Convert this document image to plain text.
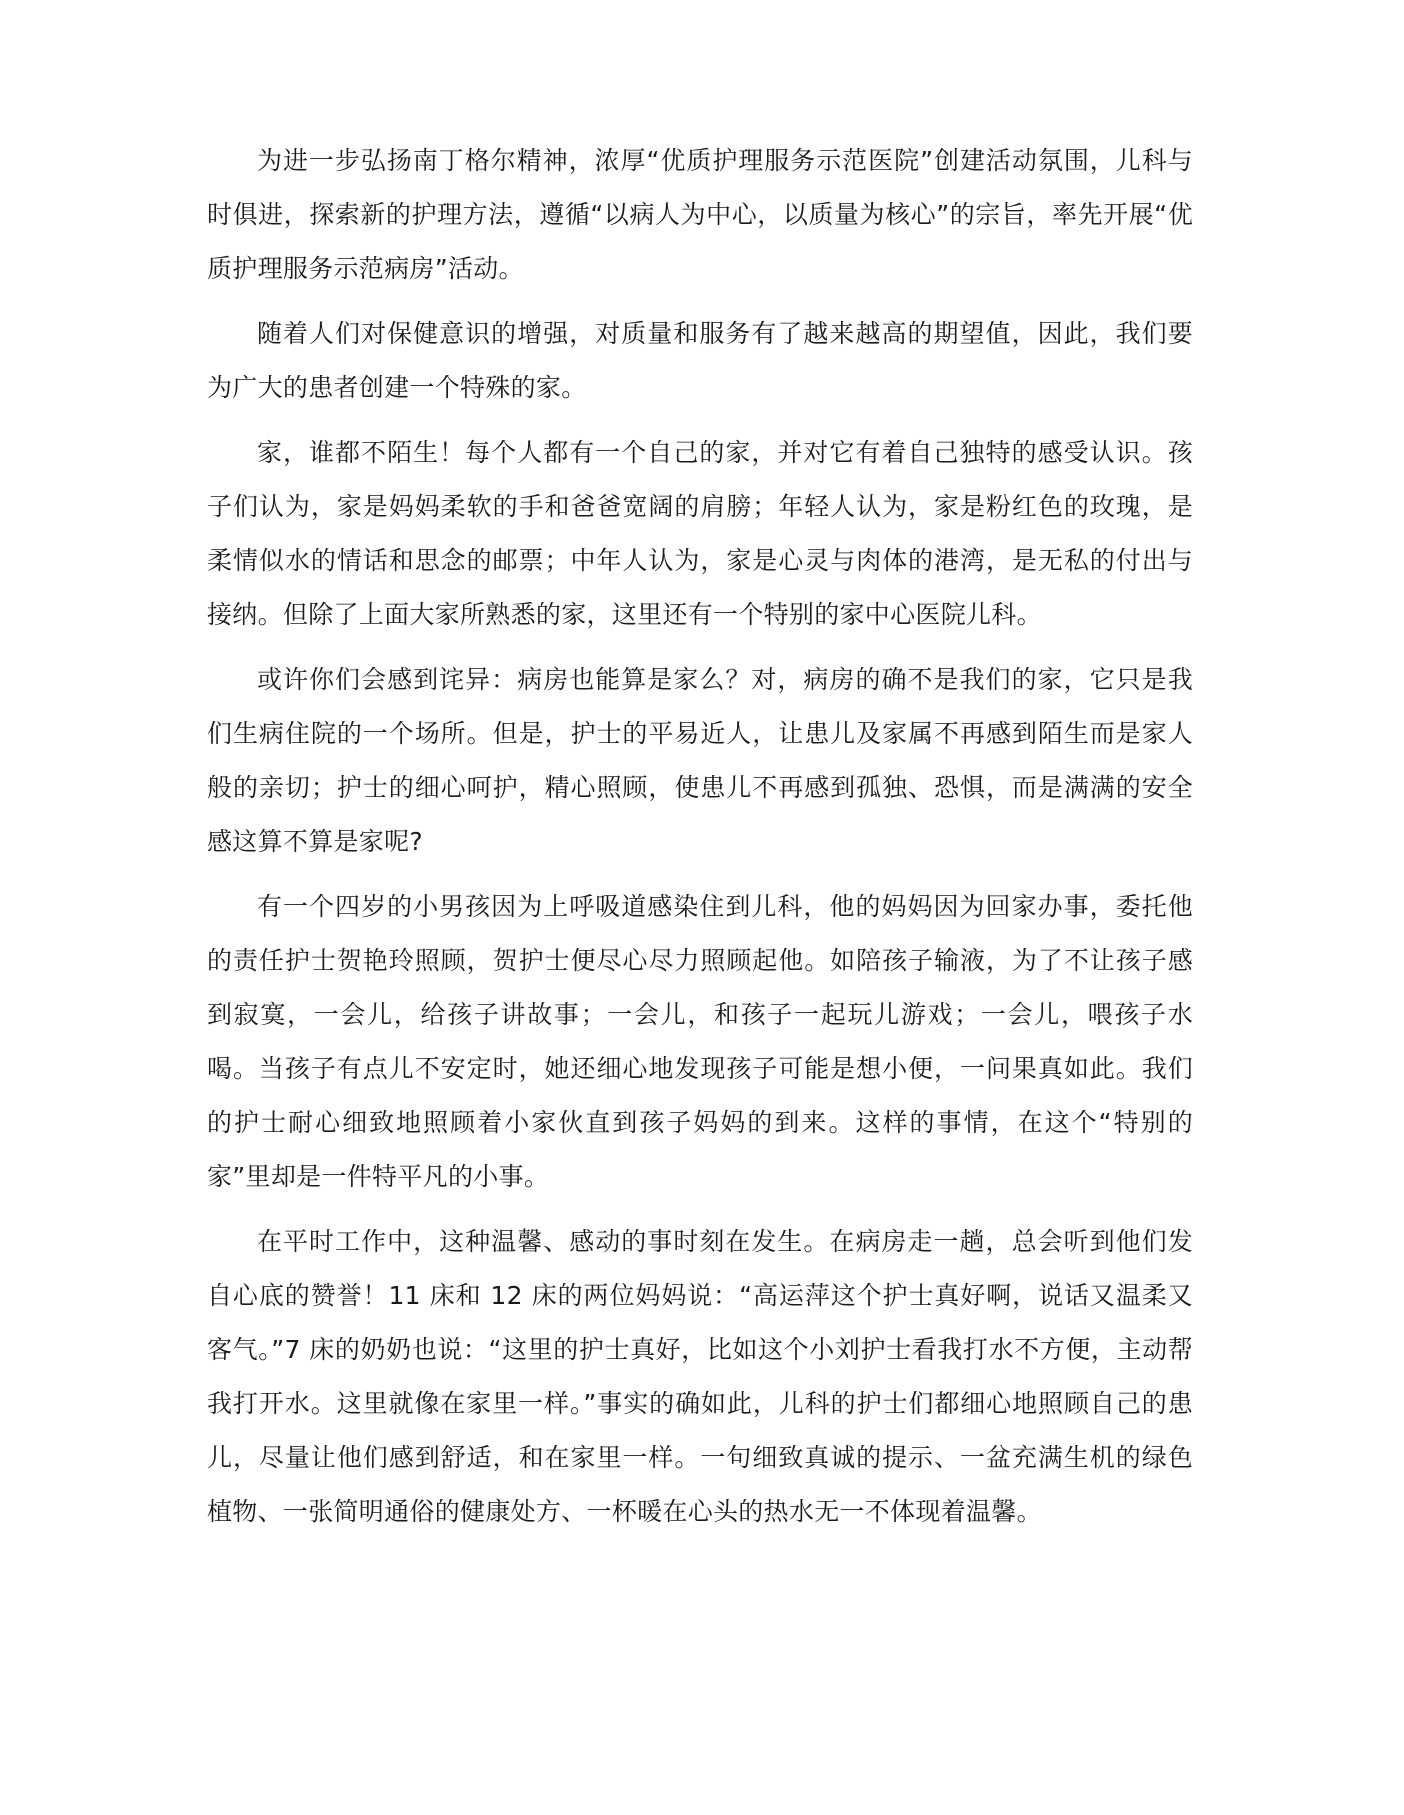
为进一步弘扬南丁格尔精神，浓厚“优质护理服务示范医院”创建活动氛围，儿科与时俱进，探索新的护理方法，遵循“以病人为中心，以质量为核心”的宗旨，率先开展“优质护理服务示范病房”活动。

随着人们对保健意识的增强，对质量和服务有了越来越高的期望值，因此，我们要为广大的患者创建一个特殊的家。

家，谁都不陌生！每个人都有一个自己的家，并对它有着自己独特的感受认识。孩子们认为，家是妈妈柔软的手和爸爸宽阔的肩膀；年轻人认为，家是粉红色的玫瑰，是柔情似水的情话和思念的邮票；中年人认为，家是心灵与肉体的港湾，是无私的付出与接纳。但除了上面大家所熟悉的家，这里还有一个特别的家中心医院儿科。

或许你们会感到诧异：病房也能算是家么？对，病房的确不是我们的家，它只是我们生病住院的一个场所。但是，护士的平易近人，让患儿及家属不再感到陌生而是家人般的亲切；护士的细心呵护，精心照顾，使患儿不再感到孤独、恐惧，而是满满的安全感这算不算是家呢?

有一个四岁的小男孩因为上呼吸道感染住到儿科，他的妈妈因为回家办事，委托他的责任护士贺艳玲照顾，贺护士便尽心尽力照顾起他。如陪孩子输液，为了不让孩子感到寂寞，一会儿，给孩子讲故事；一会儿，和孩子一起玩儿游戏；一会儿，喂孩子水喝。当孩子有点儿不安定时，她还细心地发现孩子可能是想小便，一问果真如此。我们的护士耐心细致地照顾着小家伙直到孩子妈妈的到来。这样的事情，在这个“特别的家”里却是一件特平凡的小事。

在平时工作中，这种温馨、感动的事时刻在发生。在病房走一趟，总会听到他们发自心底的赞誉！11 床和 12 床的两位妈妈说：“高运萍这个护士真好啊，说话又温柔又客气。”7 床的奶奶也说：“这里的护士真好，比如这个小刘护士看我打水不方便，主动帮我打开水。这里就像在家里一样。”事实的确如此，儿科的护士们都细心地照顾自己的患儿，尽量让他们感到舒适，和在家里一样。一句细致真诚的提示、一盆充满生机的绿色植物、一张简明通俗的健康处方、一杯暖在心头的热水无一不体现着温馨。
